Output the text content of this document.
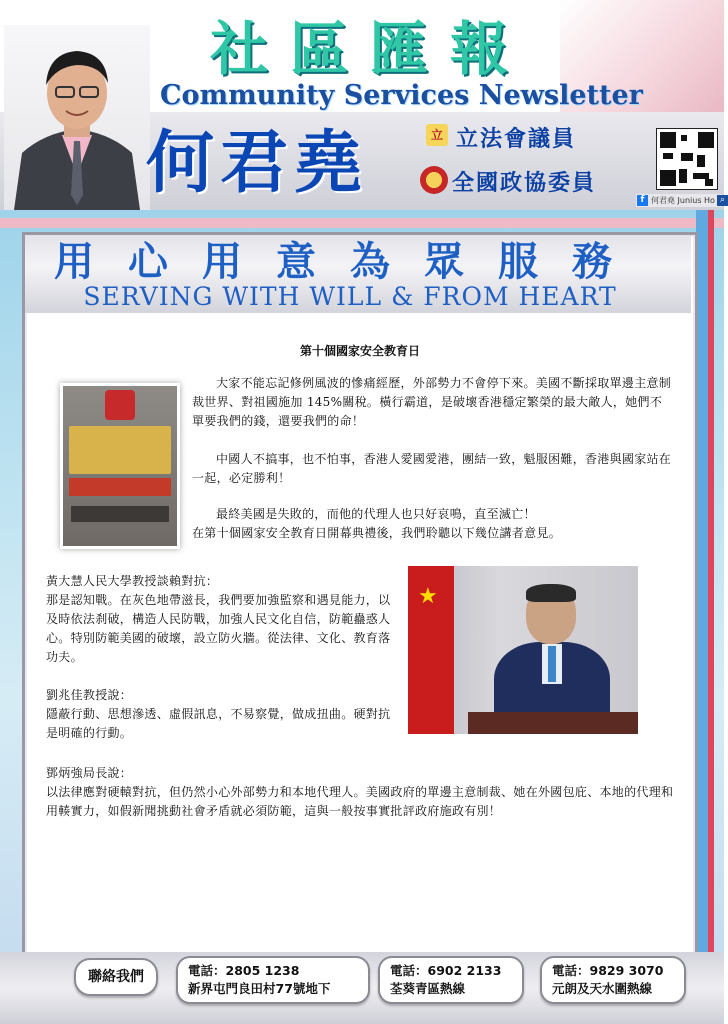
社區匯報
Community Services Newsletter
何君堯	立 立法會議員
全國政協委員
f 何君堯 Junius Ho ⌕
用心用意為眾服務
SERVING WITH WILL & FROM HEART
第十個國家安全教育日
大家不能忘記修例風波的慘痛經歷，外部勢力不會停下來。美國不斷採取單邊主意制裁世界、對祖國施加 145%關稅。橫行霸道，是破壞香港穩定繁榮的最大敵人，她們不單要我們的錢，還要我們的命！
中國人不搞事，也不怕事，香港人愛國愛港，團結一致，魁服困難，香港與國家站在一起，必定勝利！
最終美國是失敗的，而他的代理人也只好哀鳴，直至滅亡！
在第十個國家安全教育日開幕典禮後，我們聆聽以下幾位講者意見。
黃大慧人民大學教授談賴對抗：
那是認知戰。在灰色地帶滋長，我們要加強監察和遇見能力，以及時依法刹破，構造人民防戰，加強人民文化自信，防範蠱惑人心。特別防範美國的破壞，設立防火牆。從法律、文化、教育落功夫。
★
劉兆佳教授說：
隱蔽行動、思想滲透、虛假訊息，不易察覺，做成扭曲。硬對抗是明確的行動。
鄧炳強局長說：
以法律應對硬轅對抗，但仍然小心外部勢力和本地代理人。美國政府的單邊主意制裁、她在外國包庇、本地的代理和用輳實力，如假新聞挑動社會矛盾就必須防範，這與一般按事實批評政府施政有別！
聯絡我們	電話：2805 1238
新界屯門良田村77號地下
電話：6902 2133
荃葵青區熱線
電話：9829 3070
元朗及天水圍熱線
